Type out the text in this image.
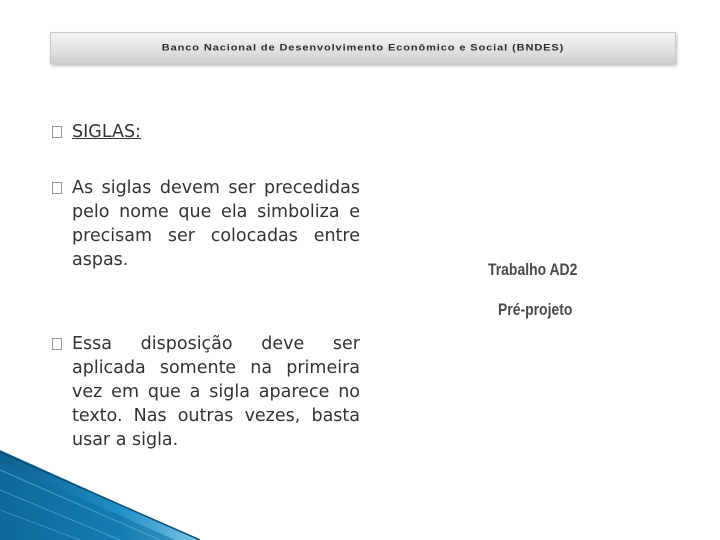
Banco Nacional de Desenvolvimento Econômico e Social (BNDES)
SIGLAS:
As siglas devem ser precedidas pelo nome que ela simboliza e precisam ser colocadas entre aspas.
Essa disposição deve ser aplicada somente na primeira vez em que a sigla aparece no texto. Nas outras vezes, basta usar a sigla.
Trabalho AD2
Pré-projeto
